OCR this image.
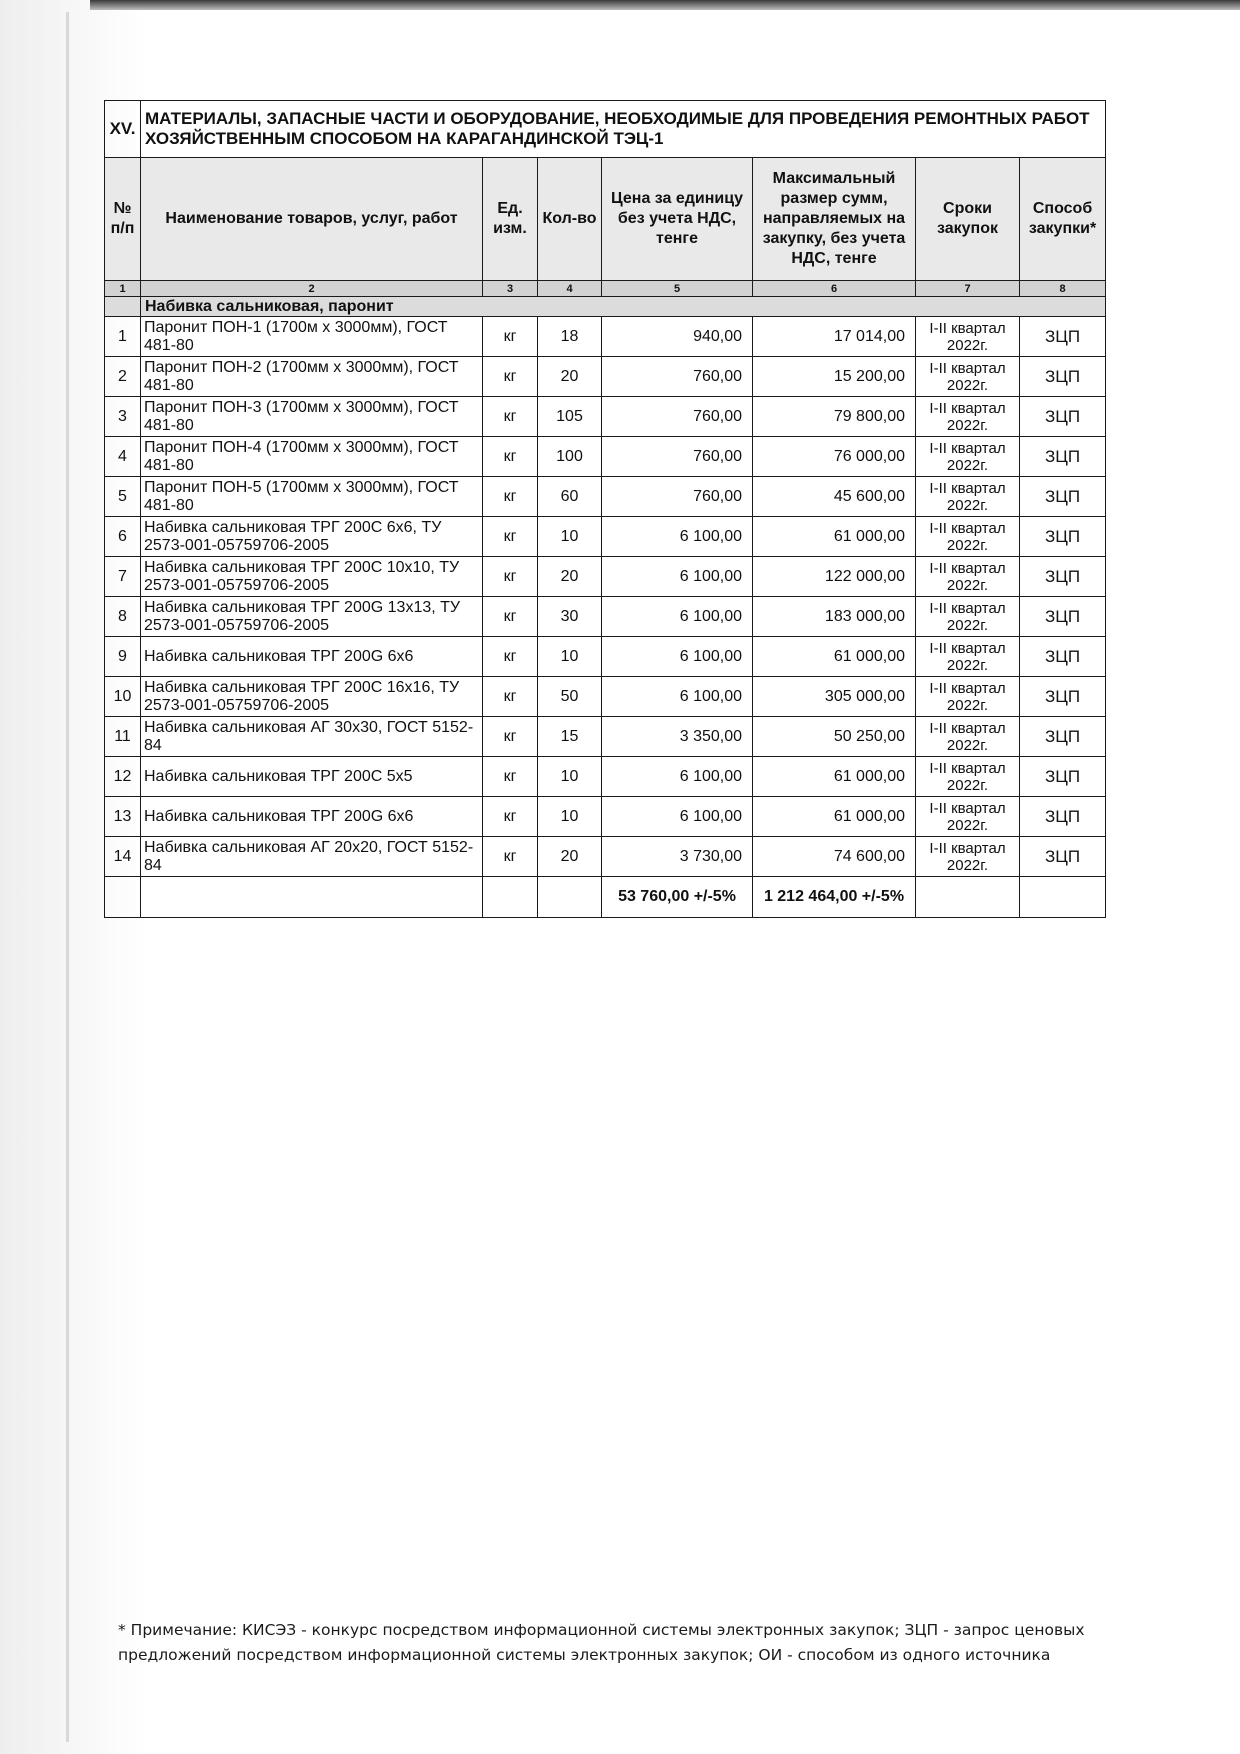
XV.	МАТЕРИАЛЫ, ЗАПАСНЫЕ ЧАСТИ И ОБОРУДОВАНИЕ, НЕОБХОДИМЫЕ ДЛЯ ПРОВЕДЕНИЯ РЕМОНТНЫХ РАБОТ ХОЗЯЙСТВЕННЫМ СПОСОБОМ НА КАРАГАНДИНСКОЙ ТЭЦ-1						
№ п/п	Наименование товаров, услуг, работ	Ед. изм.	Кол-во	Цена за единицу без учета НДС, тенге	Максимальный размер сумм, направляемых на закупку, без учета НДС, тенге	Сроки закупок	Способ закупки*
1	2	3	4	5	6	7	8
	Набивка сальниковая, паронит						
1	Паронит ПОН-1 (1700м х 3000мм), ГОСТ 481-80	кг	18	940,00	17 014,00	I-II квартал 2022г.	ЗЦП
2	Паронит ПОН-2 (1700мм х 3000мм), ГОСТ 481-80	кг	20	760,00	15 200,00	I-II квартал 2022г.	ЗЦП
3	Паронит ПОН-3 (1700мм х 3000мм), ГОСТ 481-80	кг	105	760,00	79 800,00	I-II квартал 2022г.	ЗЦП
4	Паронит ПОН-4 (1700мм х 3000мм), ГОСТ 481-80	кг	100	760,00	76 000,00	I-II квартал 2022г.	ЗЦП
5	Паронит ПОН-5 (1700мм х 3000мм), ГОСТ 481-80	кг	60	760,00	45 600,00	I-II квартал 2022г.	ЗЦП
6	Набивка сальниковая ТРГ 200С 6х6, ТУ 2573-001-05759706-2005	кг	10	6 100,00	61 000,00	I-II квартал 2022г.	ЗЦП
7	Набивка сальниковая ТРГ 200С 10х10, ТУ 2573-001-05759706-2005	кг	20	6 100,00	122 000,00	I-II квартал 2022г.	ЗЦП
8	Набивка сальниковая ТРГ 200G 13х13, ТУ 2573-001-05759706-2005	кг	30	6 100,00	183 000,00	I-II квартал 2022г.	ЗЦП
9	Набивка сальниковая ТРГ 200G 6х6	кг	10	6 100,00	61 000,00	I-II квартал 2022г.	ЗЦП
10	Набивка сальниковая ТРГ 200С 16х16, ТУ 2573-001-05759706-2005	кг	50	6 100,00	305 000,00	I-II квартал 2022г.	ЗЦП
11	Набивка сальниковая АГ 30х30, ГОСТ 5152-84	кг	15	3 350,00	50 250,00	I-II квартал 2022г.	ЗЦП
12	Набивка сальниковая ТРГ 200С 5х5	кг	10	6 100,00	61 000,00	I-II квартал 2022г.	ЗЦП
13	Набивка сальниковая ТРГ 200G 6х6	кг	10	6 100,00	61 000,00	I-II квартал 2022г.	ЗЦП
14	Набивка сальниковая АГ 20х20, ГОСТ 5152-84	кг	20	3 730,00	74 600,00	I-II квартал 2022г.	ЗЦП
				53 760,00 +/-5%	1 212 464,00 +/-5%		
* Примечание: КИСЭЗ - конкурс посредством информационной системы электронных закупок; ЗЦП - запрос ценовых предложений посредством информационной системы электронных закупок; ОИ - способом из одного источника
